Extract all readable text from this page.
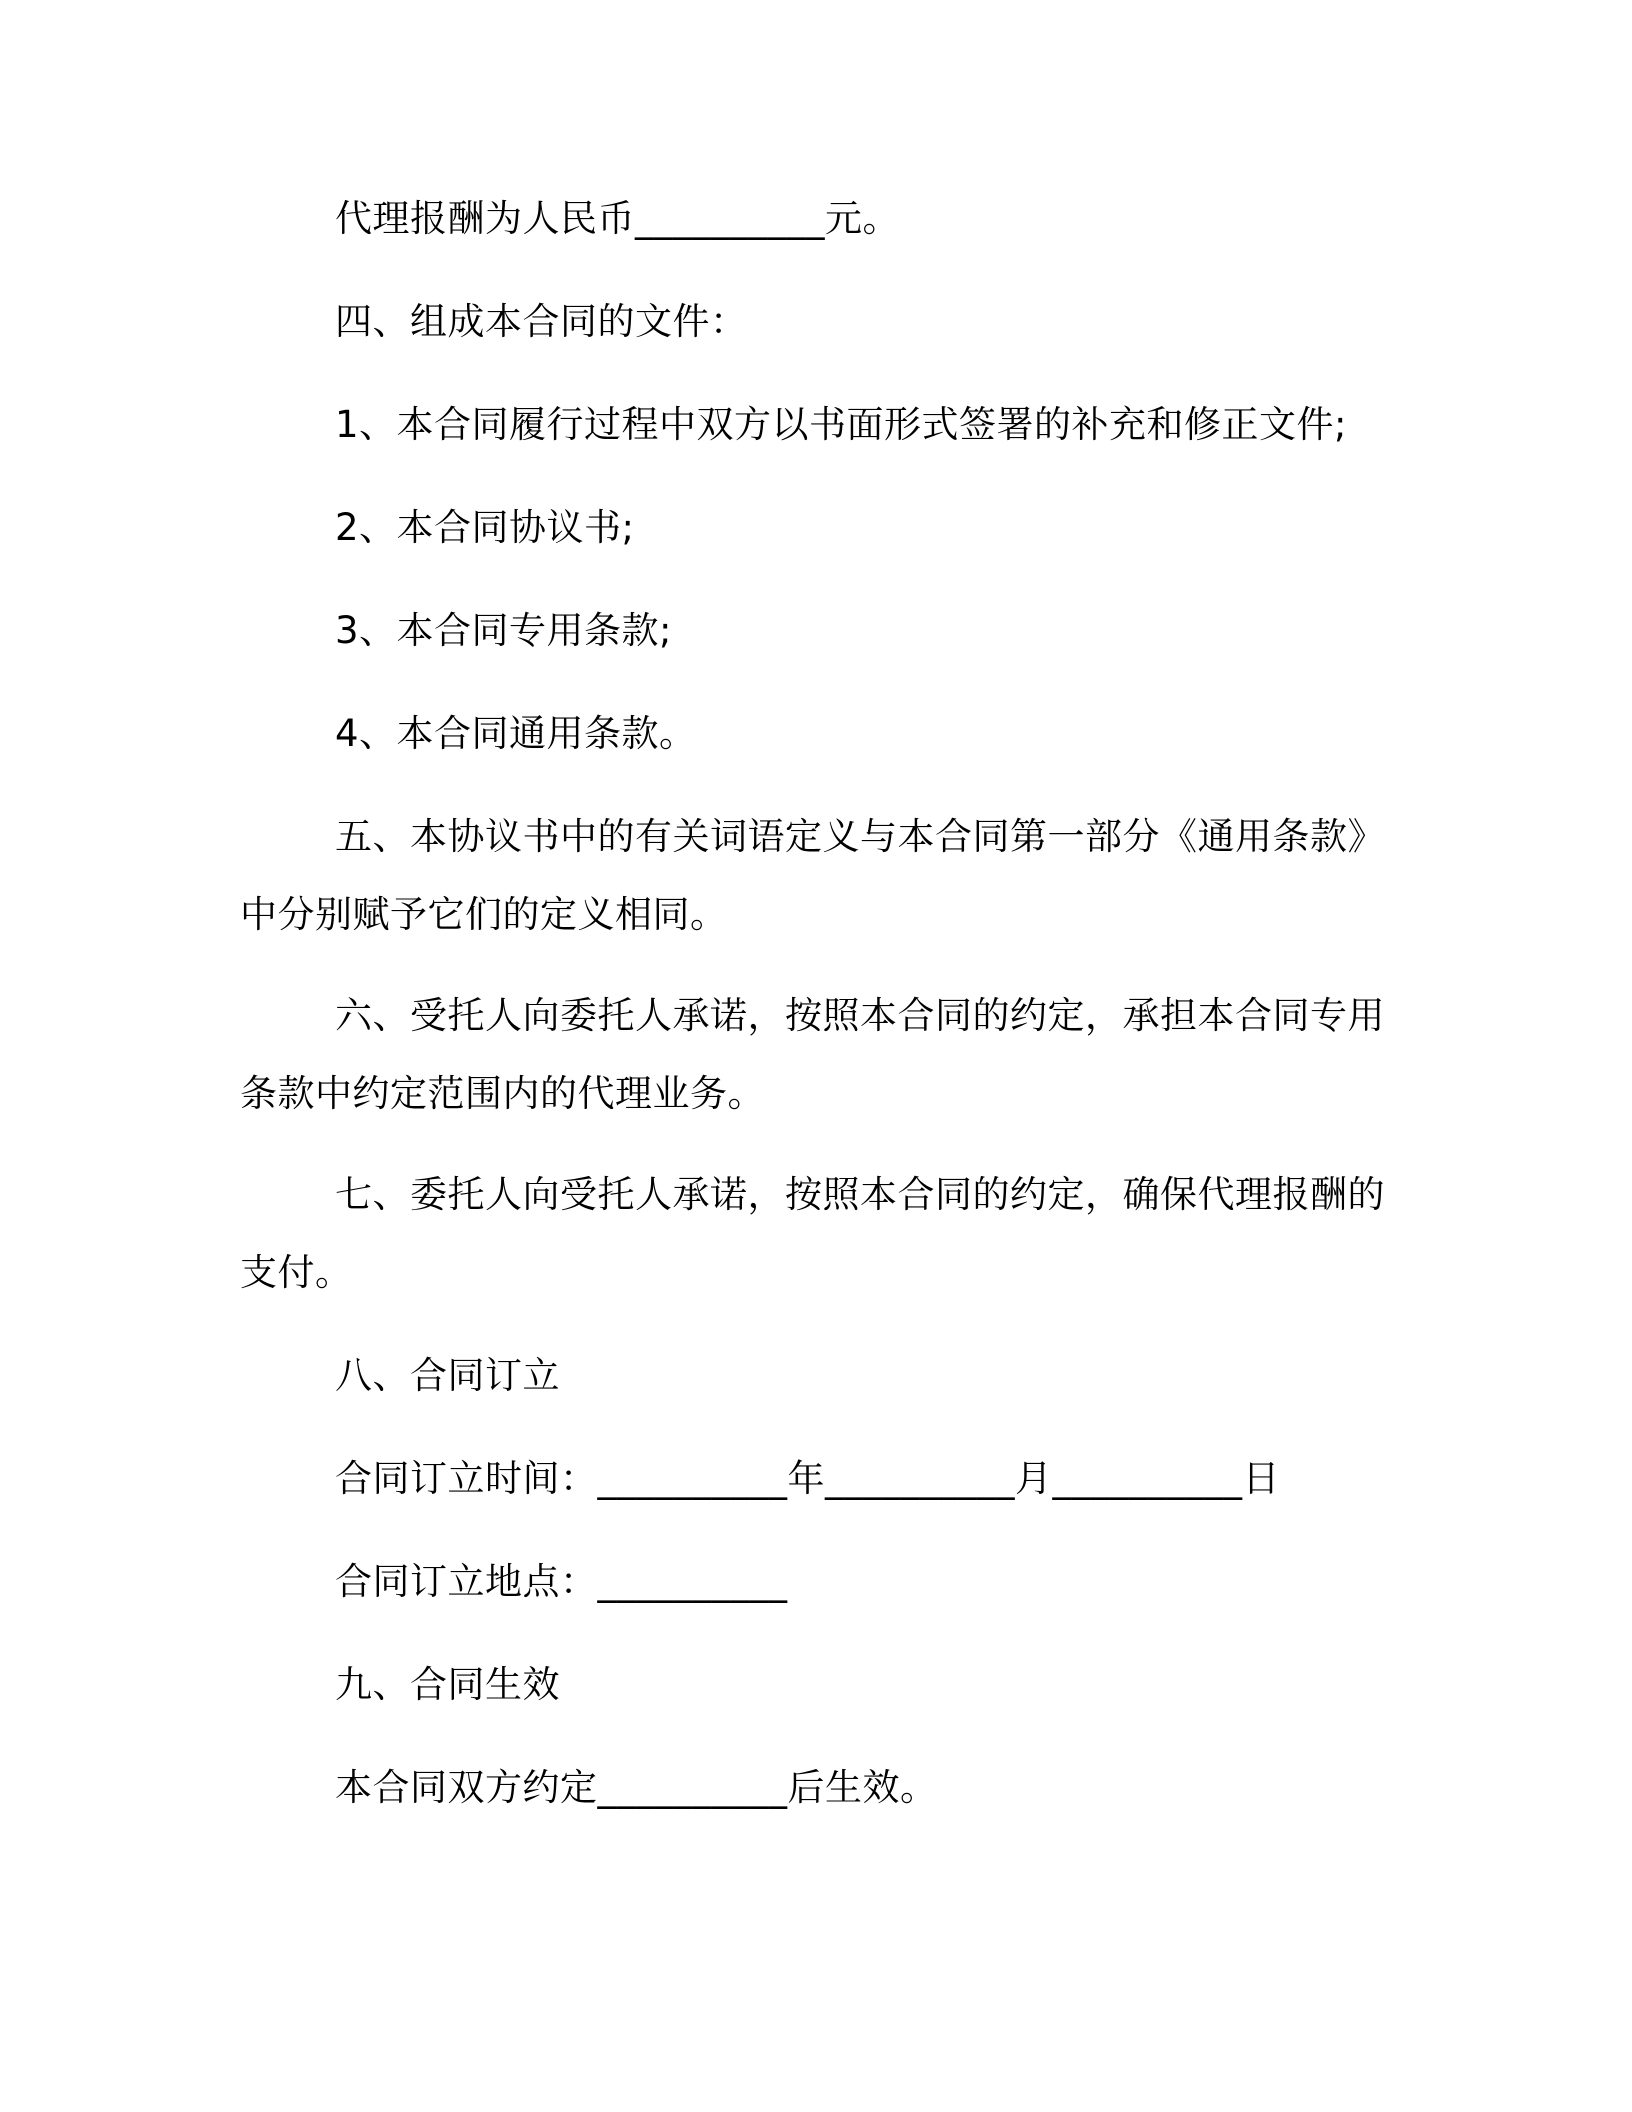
代理报酬为人民币__________元。
四、组成本合同的文件：
1、本合同履行过程中双方以书面形式签署的补充和修正文件;
2、本合同协议书;
3、本合同专用条款;
4、本合同通用条款。
五、本协议书中的有关词语定义与本合同第一部分《通用条款》
中分别赋予它们的定义相同。
六、受托人向委托人承诺，按照本合同的约定，承担本合同专用
条款中约定范围内的代理业务。
七、委托人向受托人承诺，按照本合同的约定，确保代理报酬的
支付。
八、合同订立
合同订立时间：__________年__________月__________日
合同订立地点：__________
九、合同生效
本合同双方约定__________后生效。
